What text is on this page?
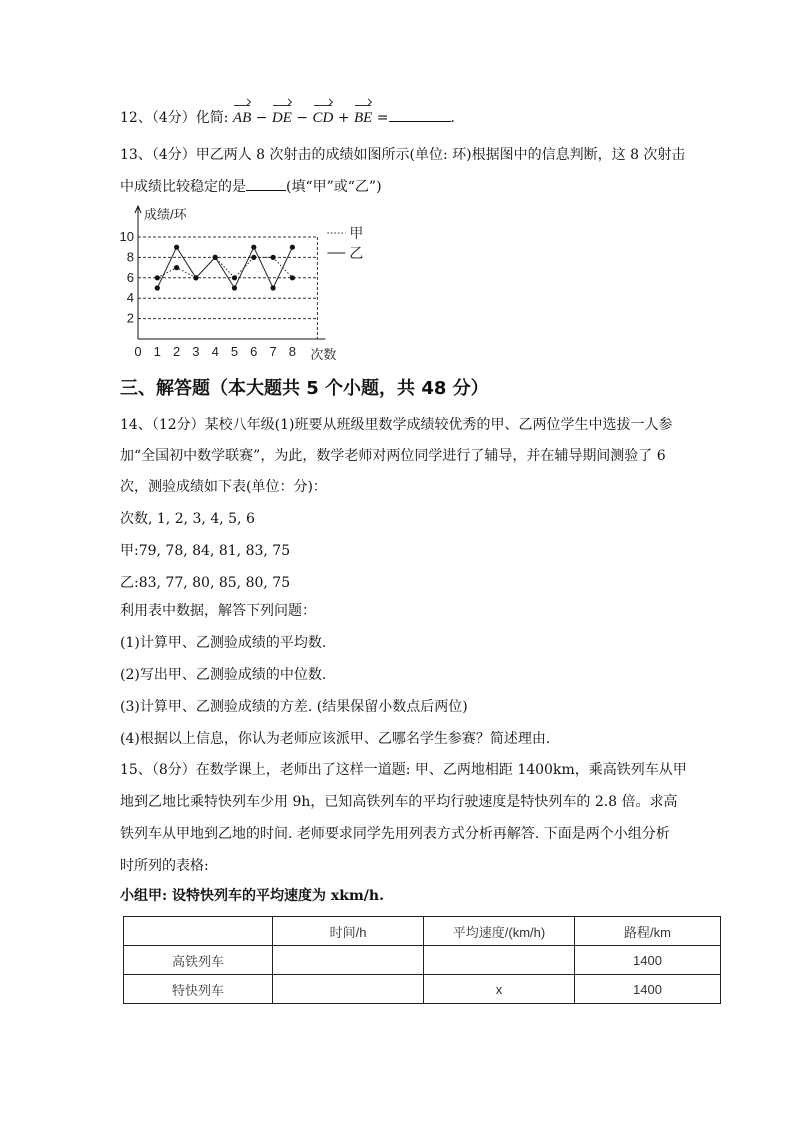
12、（4分）化简: AB − DE − CD + BE =	.
13、（4分）甲乙两人 8 次射击的成绩如图所示(单位: 环)根据图中的信息判断，这 8 次射击
中成绩比较稳定的是	(填“甲”或“乙”)
成绩/环
次数
2
4
6
8
10
0 1 2 3 4 5 6 7 8
甲
乙
三、解答题（本大题共 5 个小题，共 48 分）
14、（12分）某校八年级(1)班要从班级里数学成绩较优秀的甲、乙两位学生中选拔一人参
加“全国初中数学联赛”，为此，数学老师对两位同学进行了辅导，并在辅导期间测验了 6
次，测验成绩如下表(单位：分)：
次数, 1, 2, 3, 4, 5, 6
甲:79, 78, 84, 81, 83, 75
乙:83, 77, 80, 85, 80, 75
利用表中数据，解答下列问题：
(1)计算甲、乙测验成绩的平均数.
(2)写出甲、乙测验成绩的中位数.
(3)计算甲、乙测验成绩的方差. (结果保留小数点后两位)
(4)根据以上信息，你认为老师应该派甲、乙哪名学生参赛？简述理由.
15、（8分）在数学课上，老师出了这样一道题: 甲、乙两地相距 1400km，乘高铁列车从甲
地到乙地比乘特快列车少用 9h，已知高铁列车的平均行驶速度是特快列车的 2.8 倍。求高
铁列车从甲地到乙地的时间. 老师要求同学先用列表方式分析再解答. 下面是两个小组分析
时所列的表格:
小组甲: 设特快列车的平均速度为 xkm/h.
	时间/h	平均速度/(km/h)	路程/km
高铁列车			1400
特快列车		x	1400
